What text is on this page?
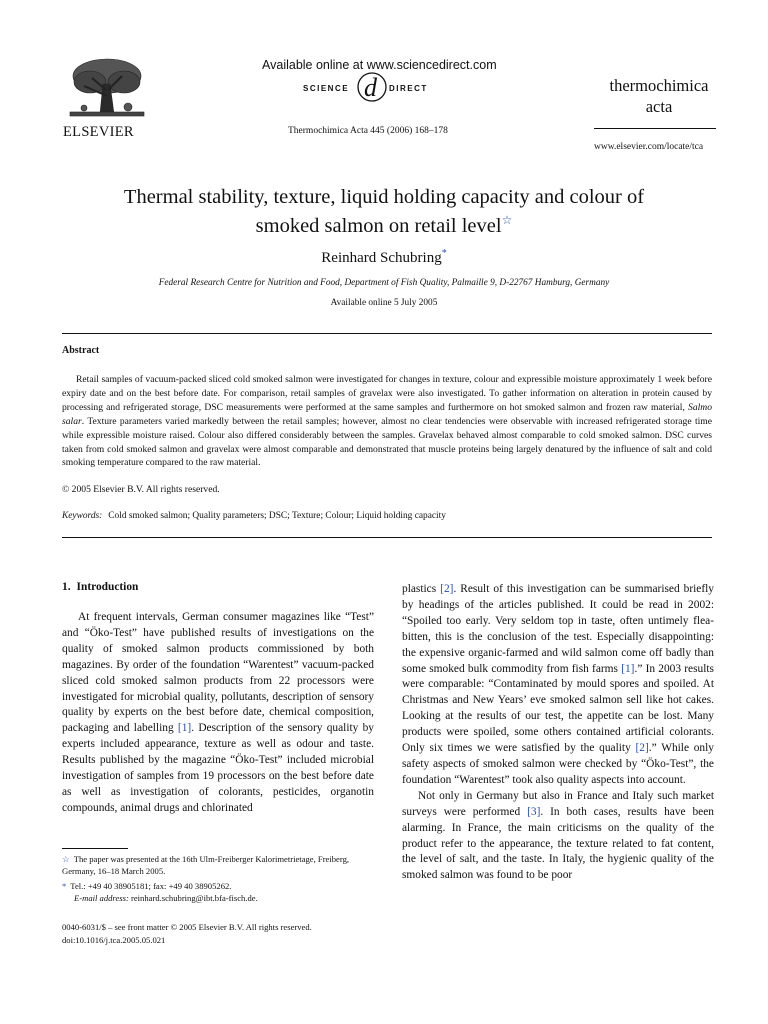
ELSEVIER
Available online at www.sciencedirect.com
SCIENCE d DIRECT
Thermochimica Acta 445 (2006) 168–178
thermochimica
acta
www.elsevier.com/locate/tca
Thermal stability, texture, liquid holding capacity and colour of
smoked salmon on retail level☆
Reinhard Schubring*
Federal Research Centre for Nutrition and Food, Department of Fish Quality, Palmaille 9, D-22767 Hamburg, Germany
Available online 5 July 2005
Abstract

Retail samples of vacuum-packed sliced cold smoked salmon were investigated for changes in texture, colour and expressible moisture approximately 1 week before expiry date and on the best before date. For comparison, retail samples of gravelax were also investigated. To gather information on alteration in protein caused by processing and refrigerated storage, DSC measurements were performed at the same samples and furthermore on hot smoked salmon and frozen raw material, Salmo salar. Texture parameters varied markedly between the retail samples; however, almost no clear tendencies were observable with increased refrigerated storage time while expressible moisture raised. Colour also differed considerably between the samples. Gravelax behaved almost comparable to cold smoked salmon. DSC curves taken from cold smoked salmon and gravelax were almost comparable and demonstrated that muscle proteins being largely denatured by the influence of salt and cold smoking temperature compared to the raw material.

© 2005 Elsevier B.V. All rights reserved.
Keywords: Cold smoked salmon; Quality parameters; DSC; Texture; Colour; Liquid holding capacity
1. Introduction

At frequent intervals, German consumer magazines like “Test” and “Öko-Test” have published results of investigations on the quality of smoked salmon products commissioned by both magazines. By order of the foundation “Warentest” vacuum-packed sliced cold smoked salmon products from 22 processors were investigated for microbial quality, pollutants, description of sensory quality by experts on the best before date, chemical composition, packaging and labelling [1]. Description of the sensory quality by experts included appearance, texture as well as odour and taste. Results published by the magazine “Öko-Test” included microbial investigation of samples from 19 processors on the best before date as well as investigation of colorants, pesticides, organotin compounds, animal drugs and chlorinated

plastics [2]. Result of this investigation can be summarised briefly by headings of the articles published. It could be read in 2002: “Spoiled too early. Very seldom top in taste, often untimely flea-bitten, this is the conclusion of the test. Especially disappointing: the expensive organic-farmed and wild salmon come off badly than some smoked bulk commodity from fish farms [1].” In 2003 results were comparable: “Contaminated by mould spores and spoiled. At Christmas and New Years’ eve smoked salmon sell like hot cakes. Looking at the results of our test, the appetite can be lost. Many products were spoiled, some others contained artificial colorants. Only six times we were satisfied by the quality [2].” While only safety aspects of smoked salmon were checked by “Öko-Test”, the foundation “Warentest” took also quality aspects into account.

Not only in Germany but also in France and Italy such market surveys were performed [3]. In both cases, results have been alarming. In France, the main criticisms on the quality of the product refer to the appearance, the texture related to fat content, the level of salt, and the taste. In Italy, the hygienic quality of the smoked salmon was found to be poor

☆ The paper was presented at the 16th Ulm-Freiberger Kalorimetrietage, Freiberg, Germany, 16–18 March 2005.
* Tel.: +49 40 38905181; fax: +49 40 38905262.
E-mail address: reinhard.schubring@ibt.bfa-fisch.de.
0040-6031/$ – see front matter © 2005 Elsevier B.V. All rights reserved.
doi:10.1016/j.tca.2005.05.021
